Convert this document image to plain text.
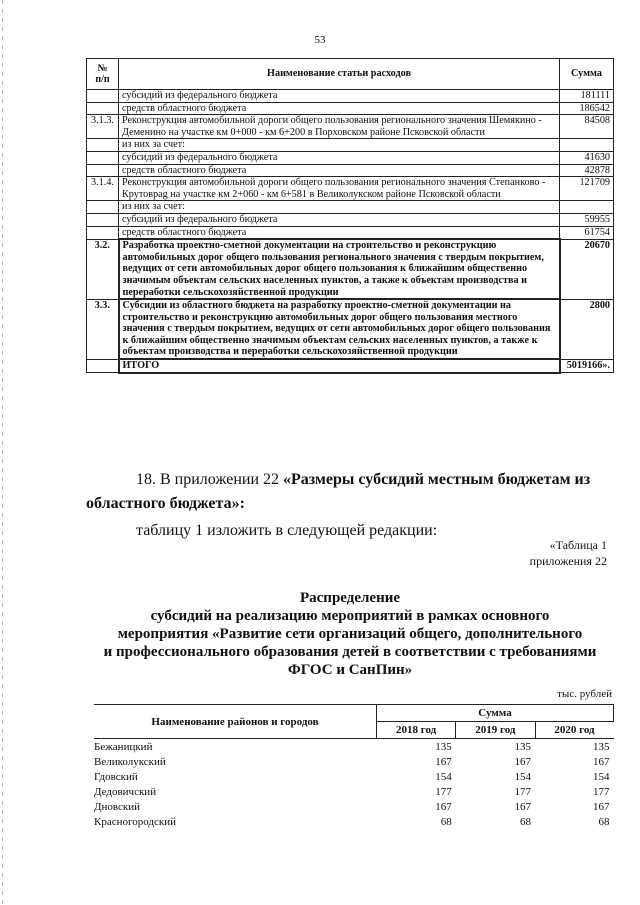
53
№
п/п	Наименование статьи расходов	Сумма
	субсидий из федерального бюджета	181111
	средств областного бюджета	186542
3.1.3.	Реконструкция автомобильной дороги общего пользования регионального значения Шемякино - Деменино на участке км 0+000 - км 6+200 в Порховском районе Псковской области	84508
	из них за счет:	
	субсидий из федерального бюджета	41630
	средств областного бюджета	42878
3.1.4.	Реконструкция автомобильной дороги общего пользования регионального значения Степанково - Крутоврag на участке км 2+060 - км 6+581 в Великолукском районе Псковской области	121709
	из них за счет:	
	субсидий из федерального бюджета	59955
	средств областного бюджета	61754
3.2.	Разработка проектно-сметной документации на строительство и реконструкцию автомобильных дорог общего пользования регионального значения с твердым покрытием, ведущих от сети автомобильных дорог общего пользования к ближайшим общественно значимым объектам сельских населенных пунктов, а также к объектам производства и переработки сельскохозяйственной продукции	20670
3.3.	Субсидии из областного бюджета на разработку проектно-сметной документации на строительство и реконструкцию автомобильных дорог общего пользования местного значения с твердым покрытием, ведущих от сети автомобильных дорог общего пользования к ближайшим общественно значимым объектам сельских населенных пунктов, а также к объектам производства и переработки сельскохозяйственной продукции	2800
	ИТОГО	5019166».
18. В приложении 22 «Размеры субсидий местным бюджетам из
областного бюджета»:
таблицу 1 изложить в следующей редакции:
«Таблица 1
приложения 22
Распределение
субсидий на реализацию мероприятий в рамках основного
мероприятия «Развитие сети организаций общего, дополнительного
и профессионального образования детей в соответствии с требованиями
ФГОС и СанПин»
тыс. рублей
Наименование районов и городов	Сумма		
	2018 год	2019 год	2020 год
Бежаницкий	135	135	135
Великолукский	167	167	167
Гдовский	154	154	154
Дедовичский	177	177	177
Дновский	167	167	167
Красногородский	68	68	68
